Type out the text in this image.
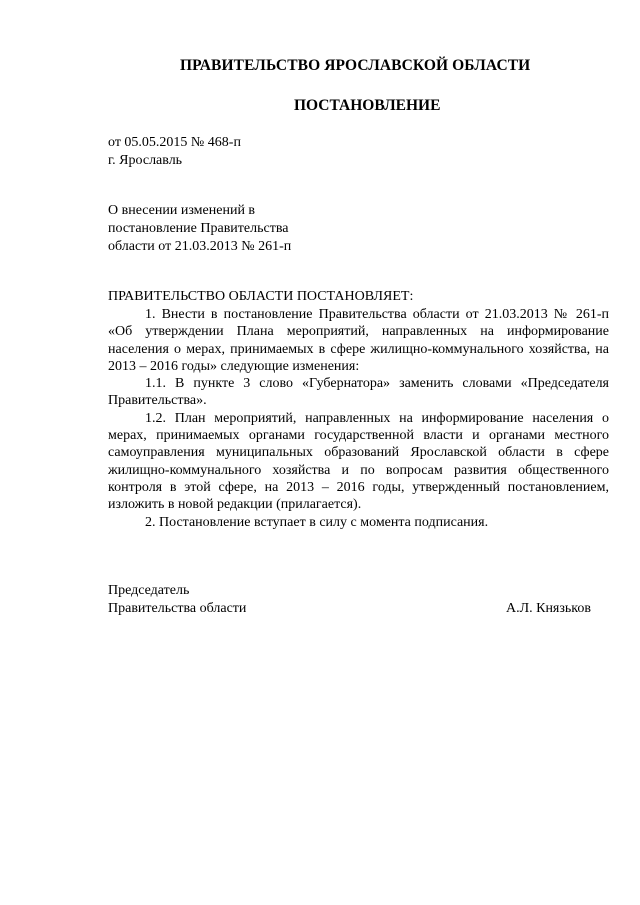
ПРАВИТЕЛЬСТВО ЯРОСЛАВСКОЙ ОБЛАСТИ
ПОСТАНОВЛЕНИЕ
от 05.05.2015 № 468-п
г. Ярославль
О внесении изменений в
постановление Правительства
области от 21.03.2013 № 261-п
ПРАВИТЕЛЬСТВО ОБЛАСТИ ПОСТАНОВЛЯЕТ:

1. Внести в постановление Правительства области от 21.03.2013 № 261-п «Об утверждении Плана мероприятий, направленных на информирование населения о мерах, принимаемых в сфере жилищно-коммунального хозяйства, на 2013 – 2016 годы» следующие изменения:

1.1. В пункте 3 слово «Губернатора» заменить словами «Председателя Правительства».

1.2. План мероприятий, направленных на информирование населения о мерах, принимаемых органами государственной власти и органами местного самоуправления муниципальных образований Ярославской области в сфере жилищно-коммунального хозяйства и по вопросам развития общественного контроля в этой сфере, на 2013 – 2016 годы, утвержденный постановлением, изложить в новой редакции (прилагается).

2. Постановление вступает в силу с момента подписания.

Председатель
Правительства области	А.Л. Князьков
